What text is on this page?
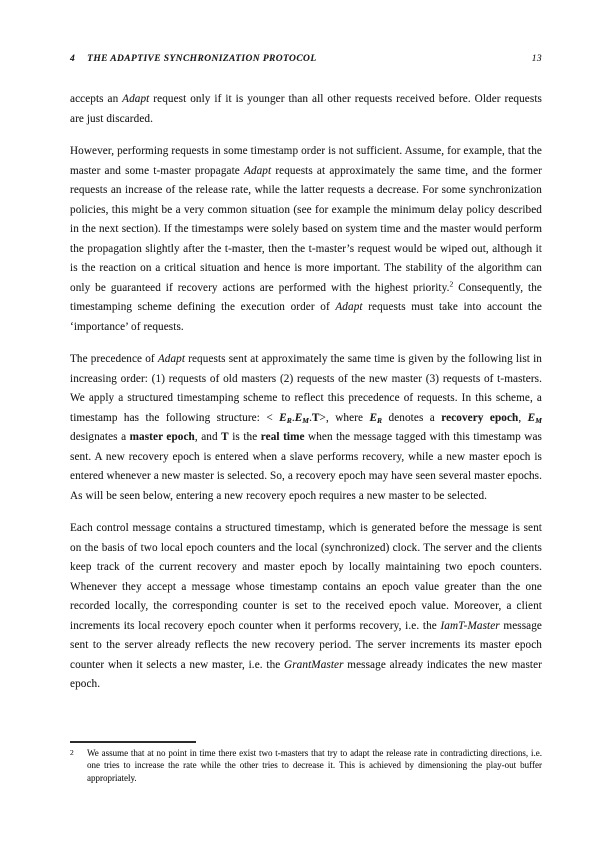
4 THE ADAPTIVE SYNCHRONIZATION PROTOCOL	13

accepts an Adapt request only if it is younger than all other requests received before. Older requests are just discarded.

However, performing requests in some timestamp order is not sufficient. Assume, for example, that the master and some t-master propagate Adapt requests at approximately the same time, and the former requests an increase of the release rate, while the latter requests a decrease. For some synchronization policies, this might be a very common situation (see for example the minimum delay policy described in the next section). If the timestamps were solely based on system time and the master would perform the propagation slightly after the t-master, then the t-master’s request would be wiped out, although it is the reaction on a critical situation and hence is more important. The stability of the algorithm can only be guaranteed if recovery actions are performed with the highest priority.$^2$ Consequently, the timestamping scheme defining the execution order of Adapt requests must take into account the ‘importance’ of requests.

The precedence of Adapt requests sent at approximately the same time is given by the following list in increasing order: (1) requests of old masters (2) requests of the new master (3) requests of t-masters. We apply a structured timestamping scheme to reflect this precedence of requests. In this scheme, a timestamp has the following structure: < $E_R.E_M.T>$, where $E_R$ denotes a recovery epoch, $E_M$ designates a master epoch, and T is the real time when the message tagged with this timestamp was sent. A new recovery epoch is entered when a slave performs recovery, while a new master epoch is entered whenever a new master is selected. So, a recovery epoch may have seen several master epochs. As will be seen below, entering a new recovery epoch requires a new master to be selected.

Each control message contains a structured timestamp, which is generated before the message is sent on the basis of two local epoch counters and the local (synchronized) clock. The server and the clients keep track of the current recovery and master epoch by locally maintaining two epoch counters. Whenever they accept a message whose timestamp contains an epoch value greater than the one recorded locally, the corresponding counter is set to the received epoch value. Moreover, a client increments its local recovery epoch counter when it performs recovery, i.e. the IamT-Master message sent to the server already reflects the new recovery period. The server increments its master epoch counter when it selects a new master, i.e. the GrantMaster message already indicates the new master epoch.

2	We assume that at no point in time there exist two t-masters that try to adapt the release rate in contradicting directions, i.e. one tries to increase the rate while the other tries to decrease it. This is achieved by dimensioning the play-out buffer appropriately.
